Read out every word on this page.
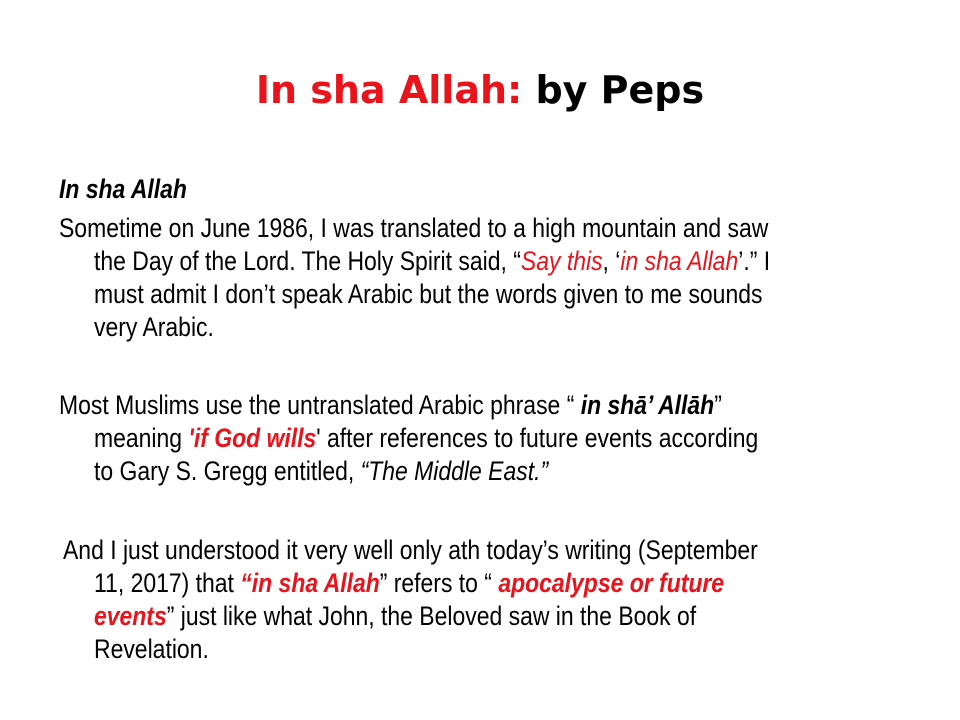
In sha Allah: by Peps
In sha Allah
Sometime on June 1986, I was translated to a high mountain and saw
the Day of the Lord. The Holy Spirit said, “Say this, ‘in sha Allah’.” I
must admit I don’t speak Arabic but the words given to me sounds
very Arabic.
Most Muslims use the untranslated Arabic phrase “ in shā’ Allāh”
meaning 'if God wills' after references to future events according
to Gary S. Gregg entitled, “The Middle East.”
And I just understood it very well only ath today’s writing (September
11, 2017) that “in sha Allah” refers to “ apocalypse or future
events” just like what John, the Beloved saw in the Book of
Revelation.
